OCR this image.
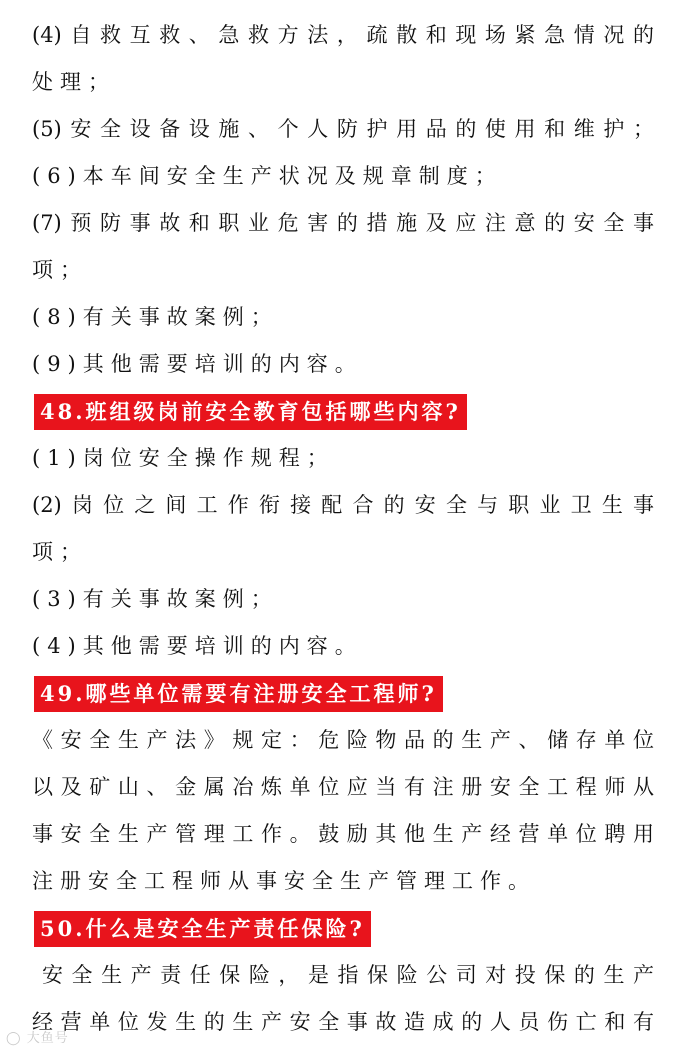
(4)自救互救、急救方法，疏散和现场紧急情况的
处理；
(5)安全设备设施、个人防护用品的使用和维护；
(6)本车间安全生产状况及规章制度；
(7)预防事故和职业危害的措施及应注意的安全事
项；
(8)有关事故案例；
(9)其他需要培训的内容。
48.班组级岗前安全教育包括哪些内容?
(1)岗位安全操作规程；
(2)岗位之间工作衔接配合的安全与职业卫生事
项；
(3)有关事故案例；
(4)其他需要培训的内容。
49.哪些单位需要有注册安全工程师?
《安全生产法》规定：危险物品的生产、储存单位
以及矿山、金属冶炼单位应当有注册安全工程师从
事安全生产管理工作。鼓励其他生产经营单位聘用
注册安全工程师从事安全生产管理工作。
50.什么是安全生产责任保险?
安全生产责任保险，是指保险公司对投保的生产
经营单位发生的生产安全事故造成的人员伤亡和有
◯ 大鱼号
